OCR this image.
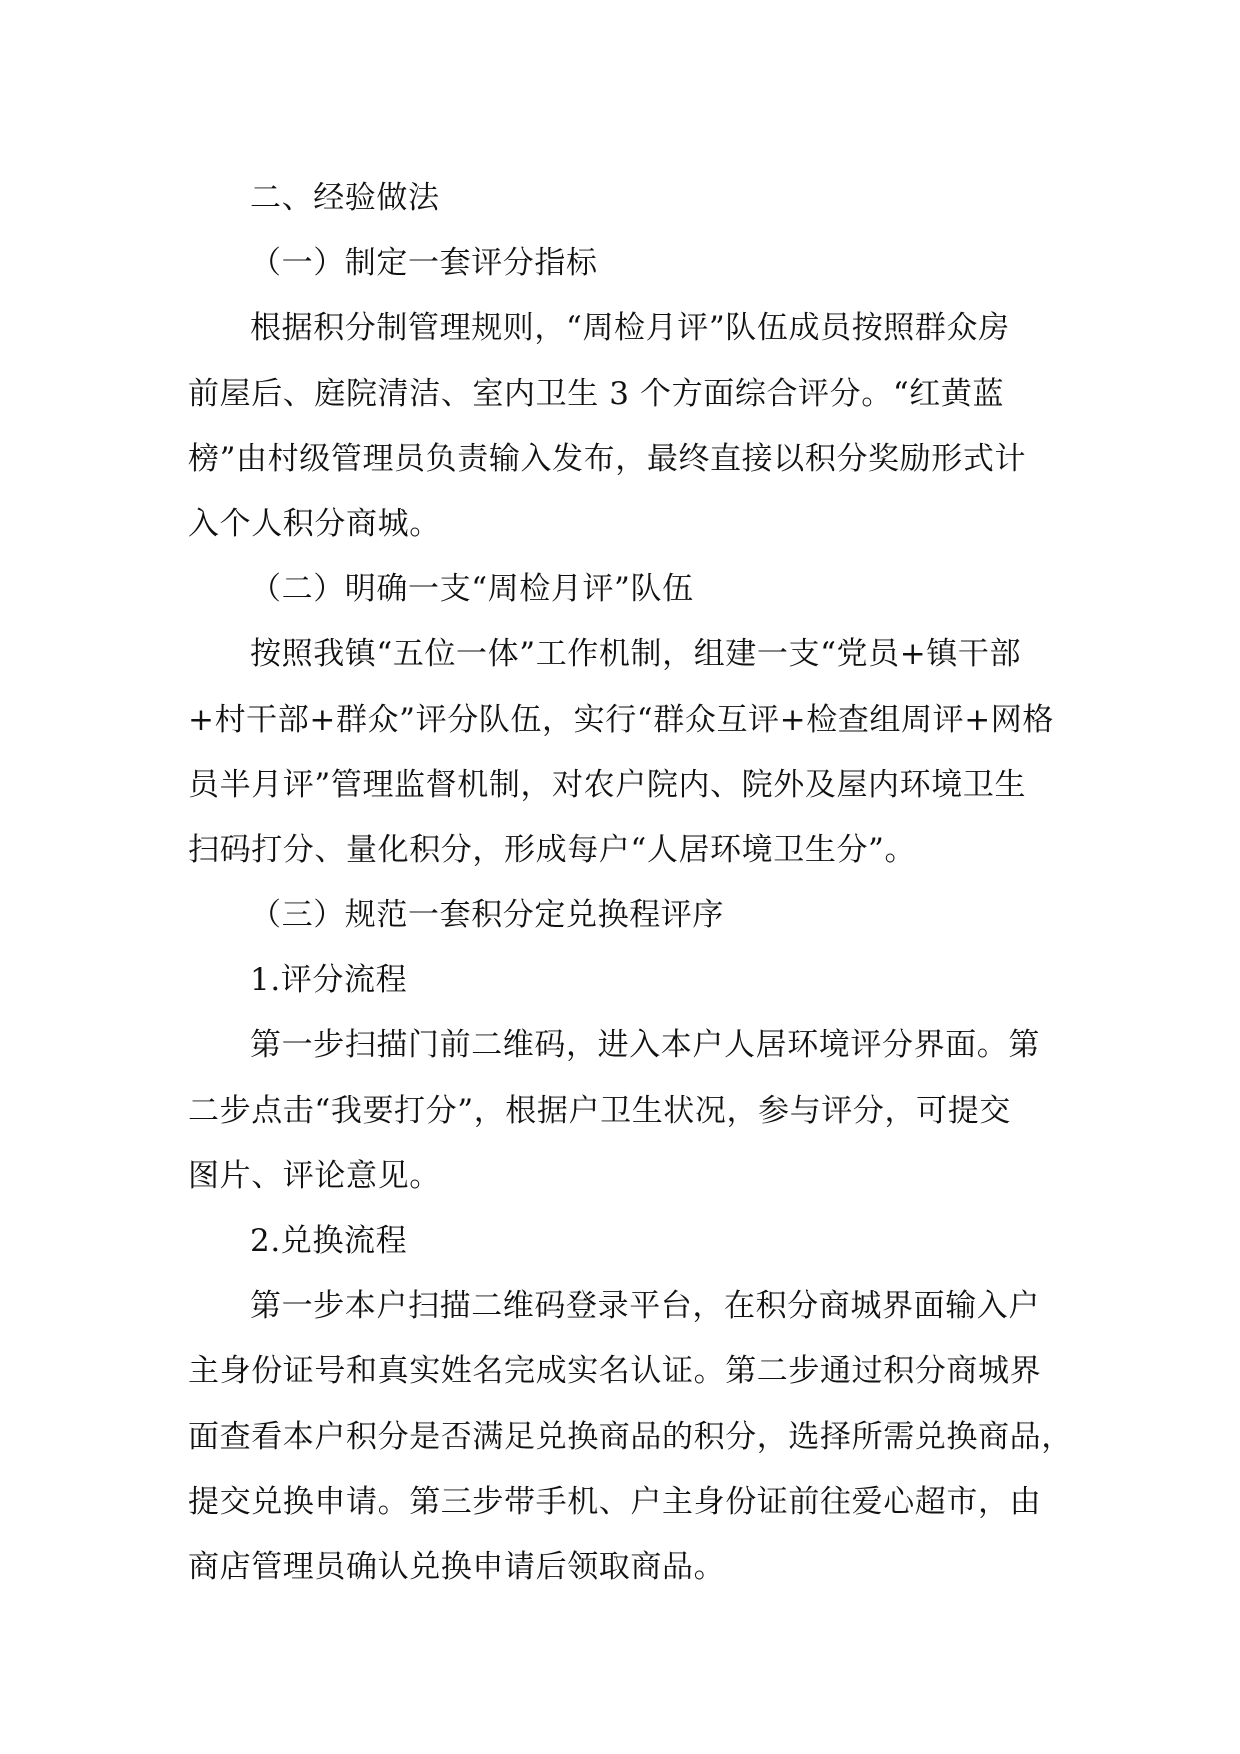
二、经验做法
（一）制定一套评分指标
根据积分制管理规则，“周检月评”队伍成员按照群众房
前屋后、庭院清洁、室内卫生 3 个方面综合评分。“红黄蓝
榜”由村级管理员负责输入发布，最终直接以积分奖励形式计
入个人积分商城。
（二）明确一支“周检月评”队伍
按照我镇“五位一体”工作机制，组建一支“党员+镇干部
+村干部+群众”评分队伍，实行“群众互评+检查组周评+网格
员半月评”管理监督机制，对农户院内、院外及屋内环境卫生
扫码打分、量化积分，形成每户“人居环境卫生分”。
（三）规范一套积分定兑换程评序
1.评分流程
第一步扫描门前二维码，进入本户人居环境评分界面。第
二步点击“我要打分”，根据户卫生状况，参与评分，可提交
图片、评论意见。
2.兑换流程
第一步本户扫描二维码登录平台，在积分商城界面输入户
主身份证号和真实姓名完成实名认证。第二步通过积分商城界
面查看本户积分是否满足兑换商品的积分，选择所需兑换商品，
提交兑换申请。第三步带手机、户主身份证前往爱心超市，由
商店管理员确认兑换申请后领取商品。
